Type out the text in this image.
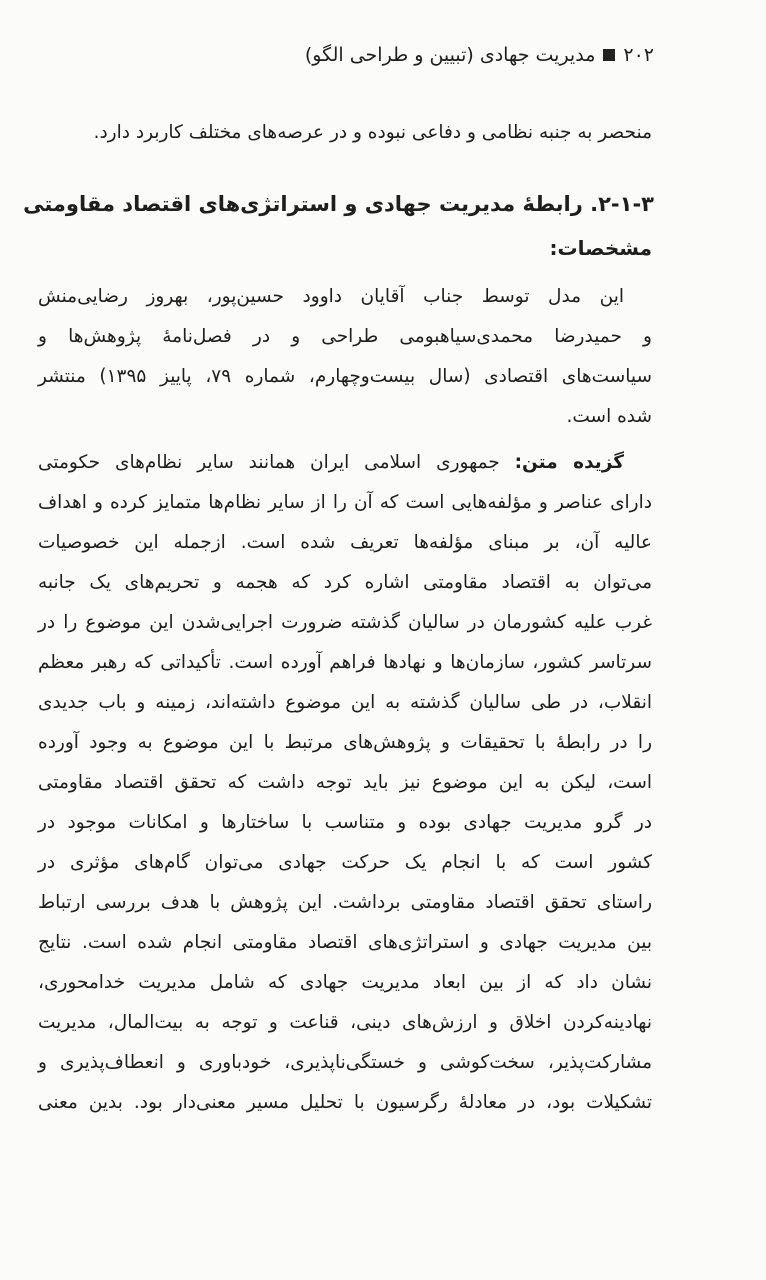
۲۰۲
مدیریت جهادی (تبیین و طراحی الگو)
منحصر به جنبه نظامی و دفاعی نبوده و در عرصه‌های مختلف کاربرد دارد.
۲-۱-۳. رابطهٔ مدیریت جهادی و استراتژی‌های اقتصاد مقاومتی
مشخصات:
این مدل توسط جناب آقایان داوود حسین‌پور، بهروز رضایی‌منش
و حمیدرضا محمدی‌سیاهبومی طراحی و در فصل‌نامهٔ پژوهش‌ها و
سیاست‌های اقتصادی (سال بیست‌وچهارم، شماره ۷۹، پاییز ۱۳۹۵) منتشر
شده است.
گزیده متن: جمهوری اسلامی ایران همانند سایر نظام‌های حکومتی
دارای عناصر و مؤلفه‌هایی است که آن را از سایر نظام‌ها متمایز کرده و اهداف
عالیه آن، بر مبنای مؤلفه‌ها تعریف شده است. ازجمله این خصوصیات
می‌توان به اقتصاد مقاومتی اشاره کرد که هجمه و تحریم‌های یک جانبه
غرب علیه کشورمان در سالیان گذشته ضرورت اجرایی‌شدن این موضوع را در
سرتاسر کشور، سازمان‌ها و نهادها فراهم آورده است. تأکیداتی که رهبر معظم
انقلاب، در طی سالیان گذشته به این موضوع داشته‌اند، زمینه و باب جدیدی
را در رابطهٔ با تحقیقات و پژوهش‌های مرتبط با این موضوع به وجود آورده
است، لیکن به این موضوع نیز باید توجه داشت که تحقق اقتصاد مقاومتی
در گرو مدیریت جهادی بوده و متناسب با ساختارها و امکانات موجود در
کشور است که با انجام یک حرکت جهادی می‌توان گام‌های مؤثری در
راستای تحقق اقتصاد مقاومتی برداشت. این پژوهش با هدف بررسی ارتباط
بین مدیریت جهادی و استراتژی‌های اقتصاد مقاومتی انجام شده است. نتایج
نشان داد که از بین ابعاد مدیریت جهادی که شامل مدیریت خدامحوری،
نهادینه‌کردن اخلاق و ارزش‌های دینی، قناعت و توجه به بیت‌المال، مدیریت
مشارکت‌پذیر، سخت‌کوشی و خستگی‌ناپذیری، خودباوری و انعطاف‌پذیری و
تشکیلات بود، در معادلهٔ رگرسیون با تحلیل مسیر معنی‌دار بود. بدین معنی
